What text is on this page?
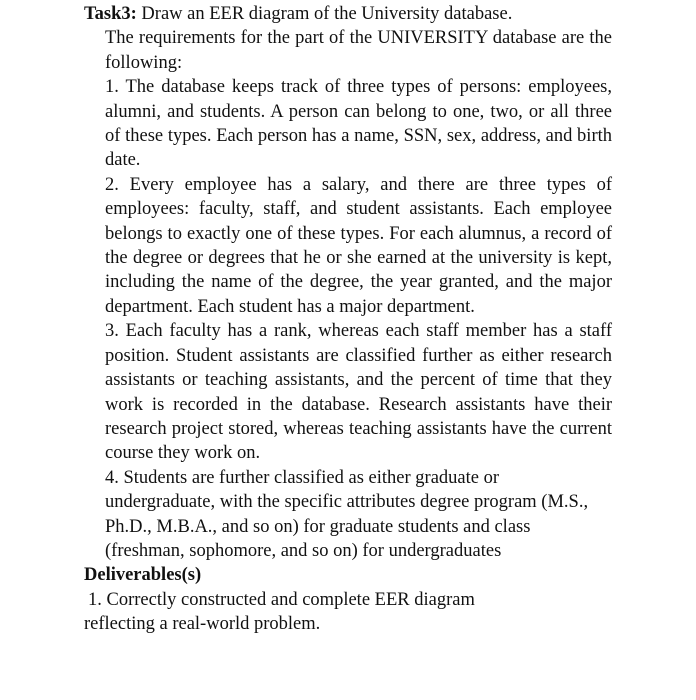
Task3: Draw an EER diagram of the University database.

The requirements for the part of the UNIVERSITY database are the following:

1. The database keeps track of three types of persons: employees, alumni, and students. A person can belong to one, two, or all three of these types. Each person has a name, SSN, sex, address, and birth date.

2. Every employee has a salary, and there are three types of employees: faculty, staff, and student assistants. Each employee belongs to exactly one of these types. For each alumnus, a record of the degree or degrees that he or she earned at the university is kept, including the name of the degree, the year granted, and the major department. Each student has a major department.

3. Each faculty has a rank, whereas each staff member has a staff position. Student assistants are classified further as either research assistants or teaching assistants, and the percent of time that they work is recorded in the database. Research assistants have their research project stored, whereas teaching assistants have the current course they work on.

4. Students are further classified as either graduate or undergraduate, with the specific attributes degree program (M.S., Ph.D., M.B.A., and so on) for graduate students and class (freshman, sophomore, and so on) for undergraduates

Deliverables(s)

1. Correctly constructed and complete EER diagram

reflecting a real-world problem.
